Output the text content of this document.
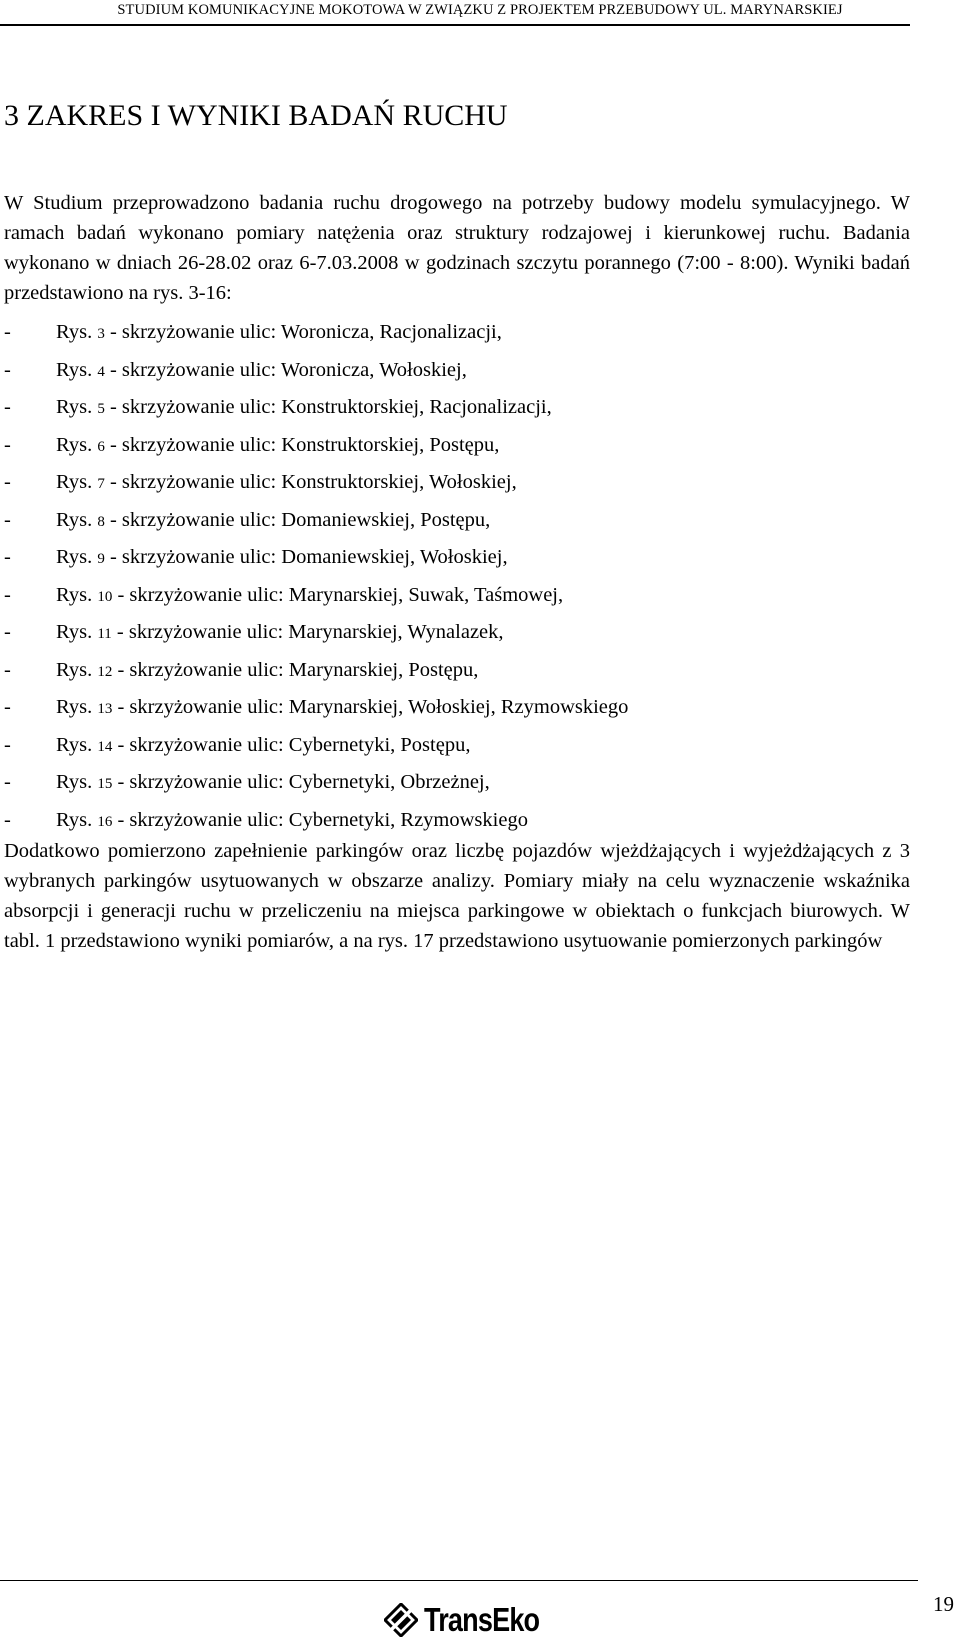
STUDIUM KOMUNIKACYJNE MOKOTOWA W ZWIĄZKU Z PROJEKTEM PRZEBUDOWY UL. MARYNARSKIEJ
3 ZAKRES I WYNIKI BADAŃ RUCHU

W Studium przeprowadzono badania ruchu drogowego na potrzeby budowy modelu symulacyjnego. W ramach badań wykonano pomiary natężenia oraz struktury rodzajowej i kierunkowej ruchu. Badania wykonano w dniach 26-28.02 oraz 6-7.03.2008 w godzinach szczytu porannego (7:00 - 8:00). Wyniki badań przedstawiono na rys. 3-16:

- Rys. 3 - skrzyżowanie ulic: Woronicza, Racjonalizacji,
- Rys. 4 - skrzyżowanie ulic: Woronicza, Wołoskiej,
- Rys. 5 - skrzyżowanie ulic: Konstruktorskiej, Racjonalizacji,
- Rys. 6 - skrzyżowanie ulic: Konstruktorskiej, Postępu,
- Rys. 7 - skrzyżowanie ulic: Konstruktorskiej, Wołoskiej,
- Rys. 8 - skrzyżowanie ulic: Domaniewskiej, Postępu,
- Rys. 9 - skrzyżowanie ulic: Domaniewskiej, Wołoskiej,
- Rys. 10 - skrzyżowanie ulic: Marynarskiej, Suwak, Taśmowej,
- Rys. 11 - skrzyżowanie ulic: Marynarskiej, Wynalazek,
- Rys. 12 - skrzyżowanie ulic: Marynarskiej, Postępu,
- Rys. 13 - skrzyżowanie ulic: Marynarskiej, Wołoskiej, Rzymowskiego
- Rys. 14 - skrzyżowanie ulic: Cybernetyki, Postępu,
- Rys. 15 - skrzyżowanie ulic: Cybernetyki, Obrzeżnej,
- Rys. 16 - skrzyżowanie ulic: Cybernetyki, Rzymowskiego

Dodatkowo pomierzono zapełnienie parkingów oraz liczbę pojazdów wjeżdżających i wyjeżdżających z 3 wybranych parkingów usytuowanych w obszarze analizy. Pomiary miały na celu wyznaczenie wskaźnika absorpcji i generacji ruchu w przeliczeniu na miejsca parkingowe w obiektach o funkcjach biurowych. W tabl. 1 przedstawiono wyniki pomiarów, a na rys. 17 przedstawiono usytuowanie pomierzonych parkingów

TransEko	19
